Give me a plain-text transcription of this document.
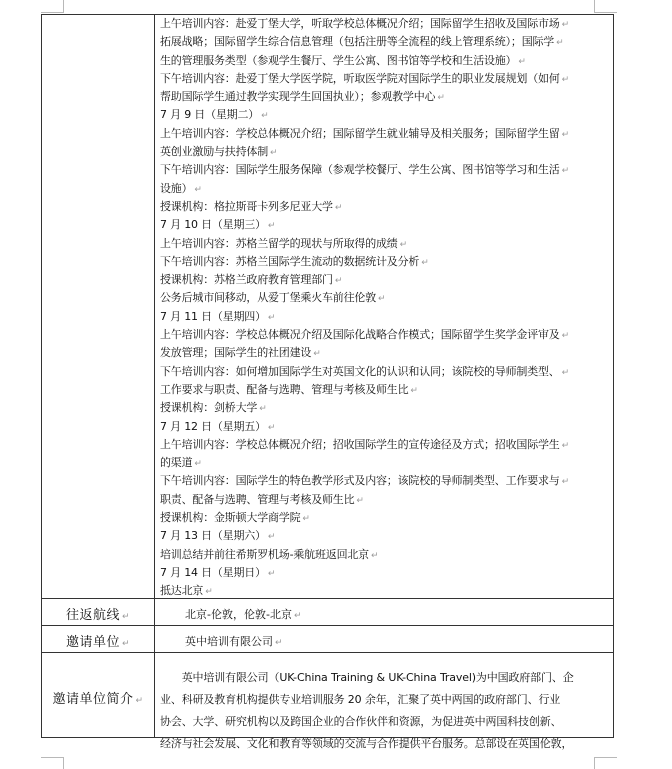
上午培训内容：赴爱丁堡大学，听取学校总体概况介绍；国际留学生招收及国际市场 ↵
拓展战略；国际留学生综合信息管理（包括注册等全流程的线上管理系统）；国际学 ↵
生的管理服务类型（参观学生餐厅、学生公寓、图书馆等学校和生活设施） ↵
下午培训内容：赴爱丁堡大学医学院，听取医学院对国际学生的职业发展规划（如何 ↵
帮助国际学生通过教学实现学生回国执业）；参观教学中心 ↵
7 月 9 日（星期二） ↵
上午培训内容：学校总体概况介绍；国际留学生就业辅导及相关服务；国际留学生留 ↵
英创业激励与扶持体制 ↵
下午培训内容：国际学生服务保障（参观学校餐厅、学生公寓、图书馆等学习和生活 ↵
设施） ↵
授课机构：格拉斯哥卡列多尼亚大学 ↵
7 月 10 日（星期三） ↵
上午培训内容：苏格兰留学的现状与所取得的成绩 ↵
下午培训内容：苏格兰国际学生流动的数据统计及分析 ↵
授课机构：苏格兰政府教育管理部门 ↵
公务后城市间移动，从爱丁堡乘火车前往伦敦 ↵
7 月 11 日（星期四） ↵
上午培训内容：学校总体概况介绍及国际化战略合作模式；国际留学生奖学金评审及 ↵
发放管理；国际学生的社团建设 ↵
下午培训内容：如何增加国际学生对英国文化的认识和认同；该院校的导师制类型、 ↵
工作要求与职责、配备与选聘、管理与考核及师生比 ↵
授课机构：剑桥大学 ↵
7 月 12 日（星期五） ↵
上午培训内容：学校总体概况介绍；招收国际学生的宣传途径及方式；招收国际学生 ↵
的渠道 ↵
下午培训内容：国际学生的特色教学形式及内容；该院校的导师制类型、工作要求与 ↵
职责、配备与选聘、管理与考核及师生比 ↵
授课机构：金斯顿大学商学院 ↵
7 月 13 日（星期六） ↵
培训总结并前往希斯罗机场-乘航班返回北京 ↵
7 月 14 日（星期日） ↵
抵达北京 ↵
往返航线 ↵	北京-伦敦，伦敦-北京 ↵
邀请单位 ↵	英中培训有限公司 ↵
邀请单位简介 ↵
　　英中培训有限公司（UK-China Training & UK-China Travel)为中国政府部门、企
业、科研及教育机构提供专业培训服务 20 余年，汇聚了英中两国的政府部门、行业
协会、大学、研究机构以及跨国企业的合作伙伴和资源，为促进英中两国科技创新、
经济与社会发展、文化和教育等领域的交流与合作提供平台服务。总部设在英国伦敦，
